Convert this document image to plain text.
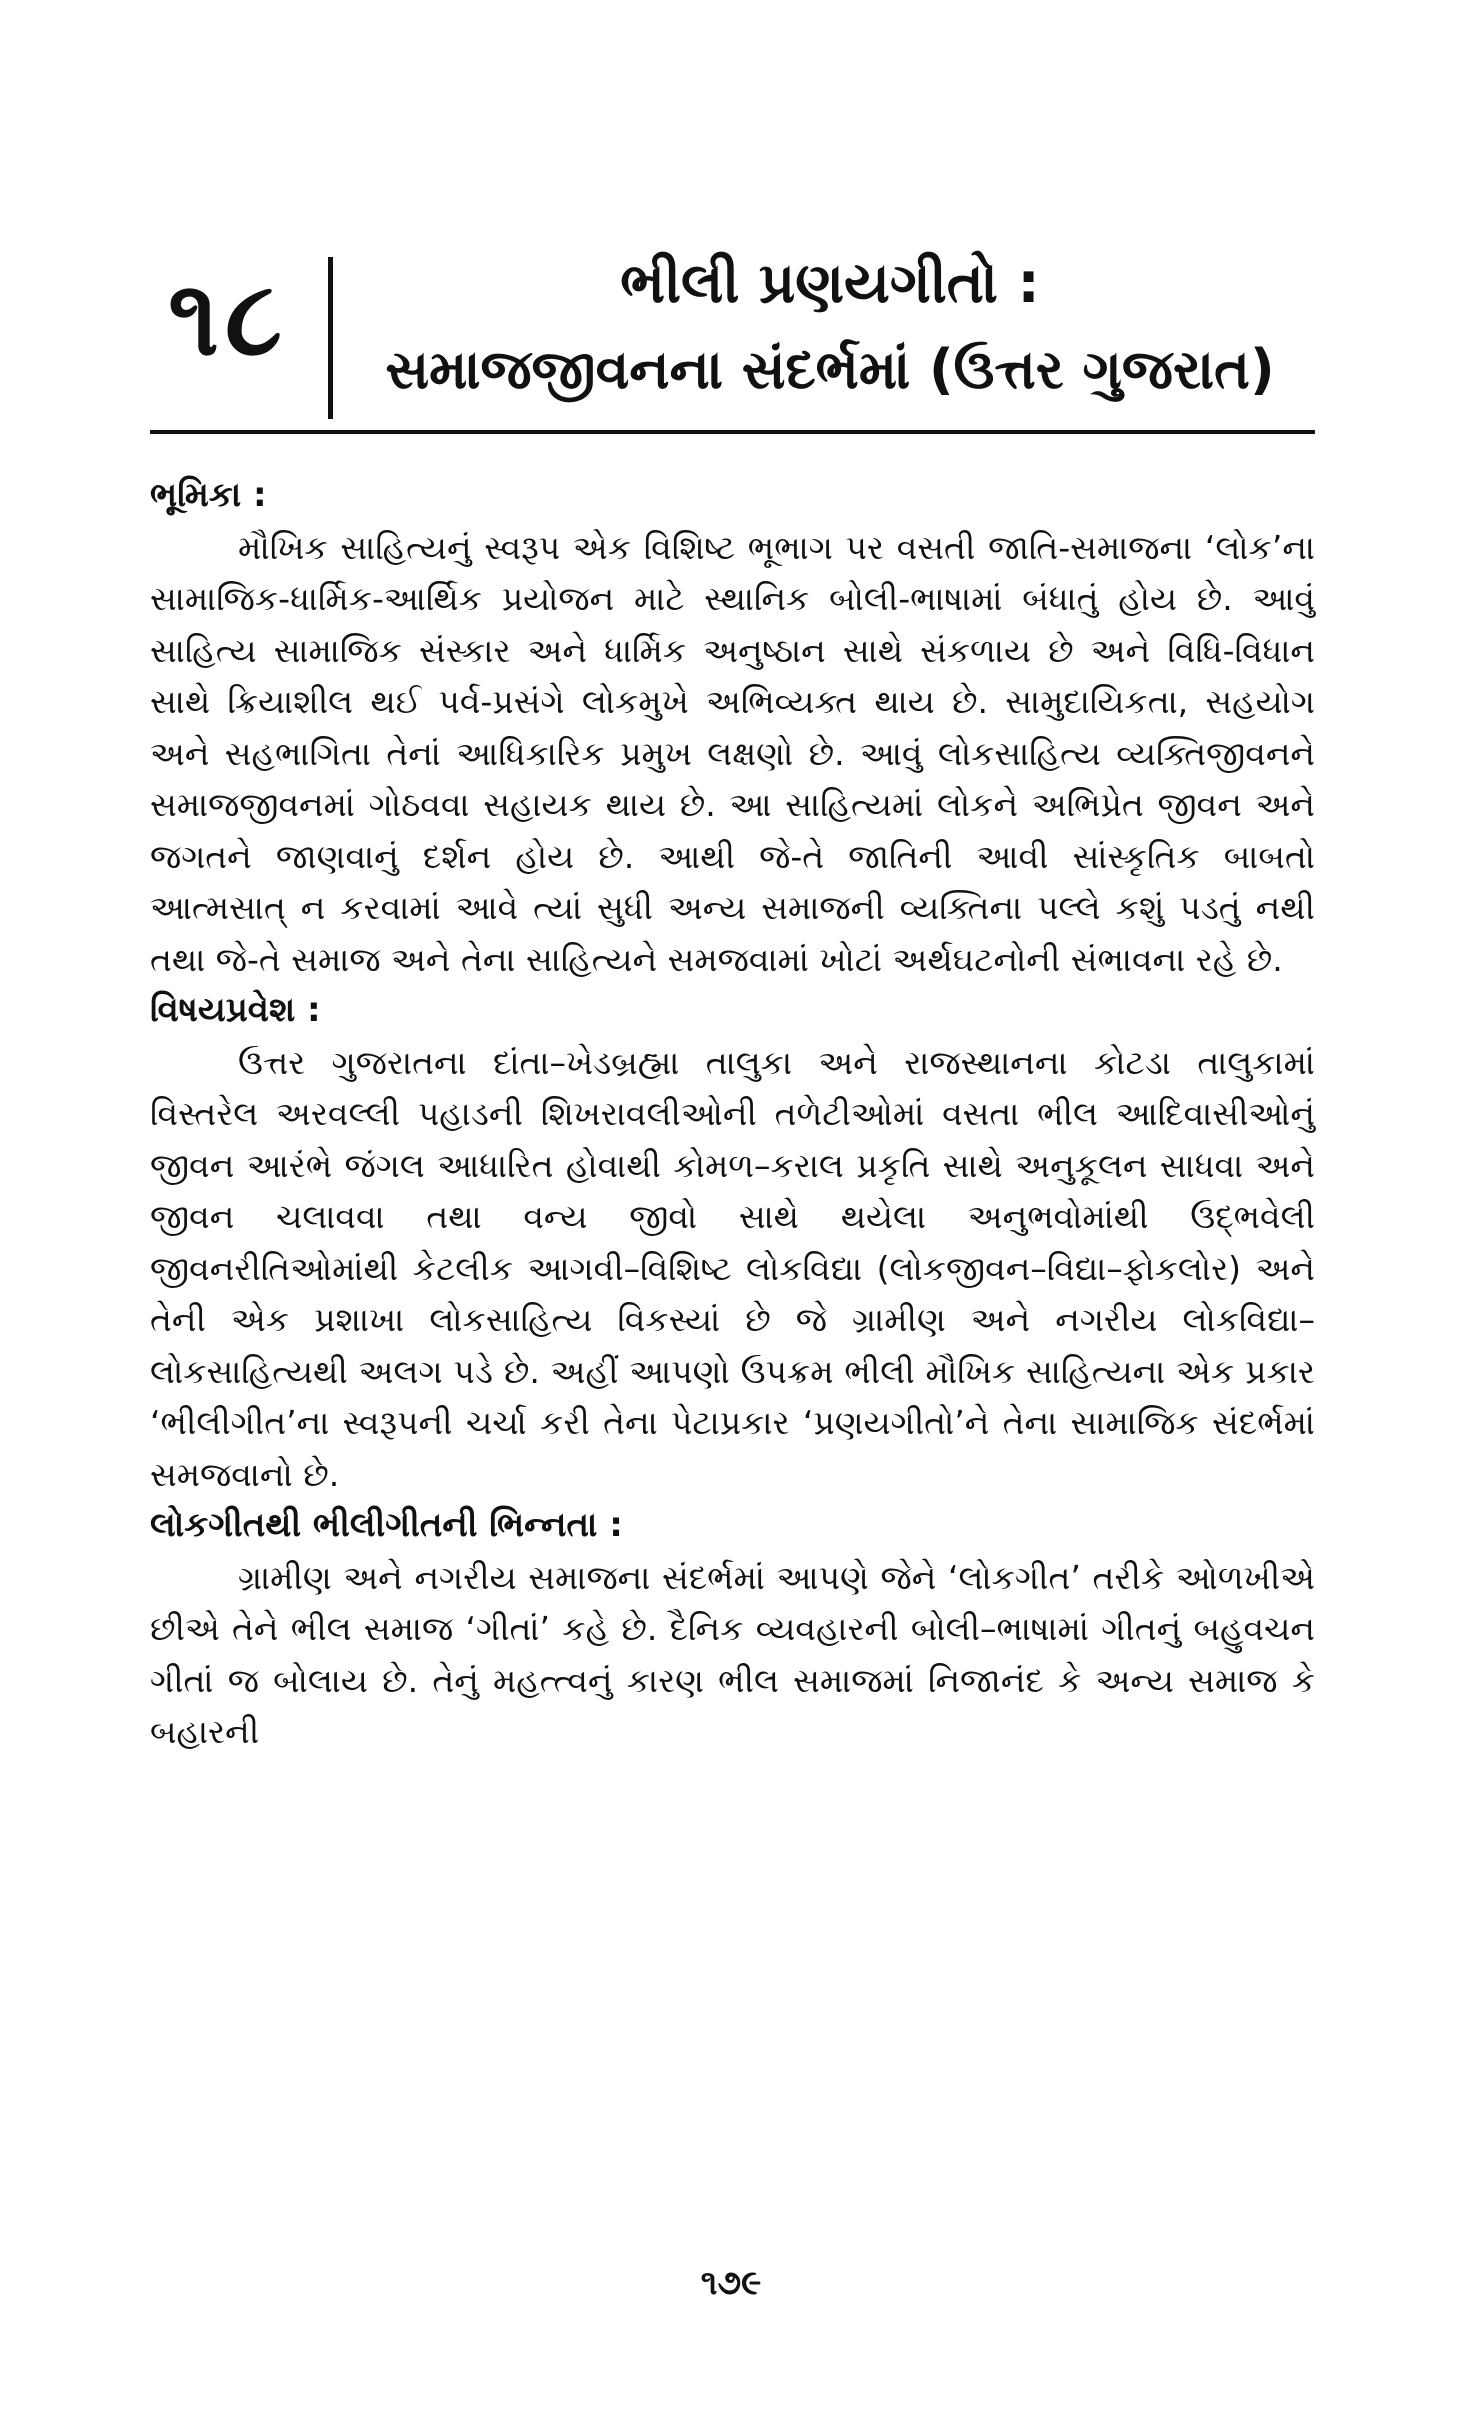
૧૮	ભીલી પ્રણયગીતો :
સમાજજીવનના સંદર્ભમાં (ઉત્તર ગુજરાત)

ભૂમિકા :

મૌખિક સાહિત્યનું સ્વરૂપ એક વિશિષ્ટ ભૂભાગ પર વસતી જાતિ-સમાજના ‘લોક’ના સામાજિક-ધાર્મિક-આર્થિક પ્રયોજન માટે સ્થાનિક બોલી-ભાષામાં બંધાતું હોય છે. આવું સાહિત્ય સામાજિક સંસ્કાર અને ધાર્મિક અનુષ્ઠાન સાથે સંકળાય છે અને વિધિ-વિધાન સાથે ક્રિયાશીલ થઈ પર્વ-પ્રસંગે લોકમુખે અભિવ્યક્ત થાય છે. સામુદાયિકતા, સહયોગ અને સહભાગિતા તેનાં આધિકારિક પ્રમુખ લક્ષણો છે. આવું લોકસાહિત્ય વ્યક્તિજીવનને સમાજજીવનમાં ગોઠવવા સહાયક થાય છે. આ સાહિત્યમાં લોકને અભિપ્રેત જીવન અને જગતને જાણવાનું દર્શન હોય છે. આથી જે-તે જાતિની આવી સાંસ્કૃતિક બાબતો આત્મસાત્ ન કરવામાં આવે ત્યાં સુધી અન્ય સમાજની વ્યક્તિના પલ્લે કશું પડતું નથી તથા જે-તે સમાજ અને તેના સાહિત્યને સમજવામાં ખોટાં અર્થઘટનોની સંભાવના રહે છે.

વિષયપ્રવેશ :

ઉત્તર ગુજરાતના દાંતા–ખેડબ્રહ્મા તાલુકા અને રાજસ્થાનના કોટડા તાલુકામાં વિસ્તરેલ અરવલ્લી પહાડની શિખરાવલીઓની તળેટીઓમાં વસતા ભીલ આદિવાસીઓનું જીવન આરંભે જંગલ આધારિત હોવાથી કોમળ–કરાલ પ્રકૃતિ સાથે અનુકૂલન સાધવા અને જીવન ચલાવવા તથા વન્ય જીવો સાથે થયેલા અનુભવોમાંથી ઉદ્ભવેલી જીવનરીતિઓમાંથી કેટલીક આગવી–વિશિષ્ટ લોકવિદ્યા (લોકજીવન–વિદ્યા–ફોકલોર) અને તેની એક પ્રશાખા લોકસાહિત્ય વિકસ્યાં છે જે ગ્રામીણ અને નગરીય લોકવિદ્યા–લોકસાહિત્યથી અલગ પડે છે. અહીં આપણો ઉપક્રમ ભીલી મૌખિક સાહિત્યના એક પ્રકાર ‘ભીલીગીત’ના સ્વરૂપની ચર્ચા કરી તેના પેટાપ્રકાર ‘પ્રણયગીતો’ને તેના સામાજિક સંદર્ભમાં સમજવાનો છે.

લોકગીતથી ભીલીગીતની ભિન્નતા :

ગ્રામીણ અને નગરીય સમાજના સંદર્ભમાં આપણે જેને ‘લોકગીત’ તરીકે ઓળખીએ છીએ તેને ભીલ સમાજ ‘ગીતાં’ કહે છે. દૈનિક વ્યવહારની બોલી–ભાષામાં ગીતનું બહુવચન ગીતાં જ બોલાય છે. તેનું મહત્ત્વનું કારણ ભીલ સમાજમાં નિજાનંદ કે અન્ય સમાજ કે બહારની

૧૭૯
